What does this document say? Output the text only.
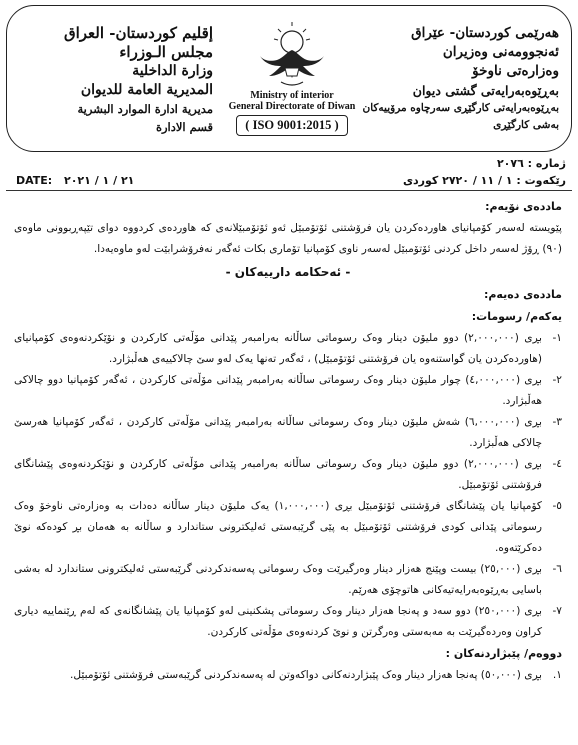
إقليم كوردستان- العراق
مجلس الـوزراء
وزارة الداخلية
المديرية العامة للديوان
مديرية ادارة الموارد البشرية
قسم الادارة
Ministry of interior
General Directorate of Diwan
( ISO 9001:2015 )
هەرێمی کوردستان- عێراق
ئەنجوومەنی وەزیران
وەزارەتی ناوخۆ
بەڕێوەبەرایەتی گشتی دیوان
بەڕێوەبەرایەتی کارگێڕی سەرچاوە مرۆییەکان
بەشی کارگێڕی
ژمارە : ٢٠٧٦
DATE: ٢١ / ١ / ٢٠٢١	رێکەوت : ١ / ١١ / ٢٧٢٠ کوردی
ماددەی نۆیەم:
پێویستە لەسەر کۆمپانیای هاوردەکردن یان فرۆشتنی ئۆتۆمبێل ئەو ئۆتۆمبێلانەی کە هاوردەی کردووە دوای تێپەڕبوونی ماوەی (٩٠) ڕۆژ لەسەر داخل کردنی ئۆتۆمبێل لەسەر ناوی کۆمپانیا تۆماری بکات ئەگەر نەفرۆشرابێت لەو ماوەیەدا.
- ئەحکامە دارییەکان -
ماددەی دەیەم:
یەکەم/ رسومات:
١-
بڕی (٢,٠٠٠,٠٠٠) دوو ملیۆن دینار وەک رسوماتی ساڵانە بەرامبەر پێدانی مۆڵەتی کارکردن و نۆێکردنەوەی کۆمپانیای (هاوردەکردن یان گواستنەوە یان فرۆشتنی ئۆتۆمبێل) ، ئەگەر تەنها یەک لەو سێ چالاکییەی هەڵبژارد.
٢-
بڕی (٤,٠٠٠,٠٠٠) چوار ملیۆن دینار وەک رسوماتی ساڵانە بەرامبەر پێدانی مۆڵەتی کارکردن ، ئەگەر کۆمپانیا دوو چالاکی هەڵبژارد.
٣-
بڕی (٦,٠٠٠,٠٠٠) شەش ملیۆن دینار وەک رسوماتی ساڵانە بەرامبەر پێدانی مۆڵەتی کارکردن ، ئەگەر کۆمپانیا هەرسێ چالاکی هەڵبژارد.
٤-
بڕی (٢,٠٠٠,٠٠٠) دوو ملیۆن دینار وەک رسوماتی ساڵانە بەرامبەر پێدانی مۆڵەتی کارکردن و نۆێکردنەوەی پێشانگای فرۆشتنی ئۆتۆمبێل.
٥-
کۆمپانیا یان پێشانگای فرۆشتنی ئۆتۆمبێل بڕی (١,٠٠٠,٠٠٠) یەک ملیۆن دینار ساڵانە دەدات بە وەزارەتی ناوخۆ وەک رسوماتی پێدانی کودی فرۆشتنی ئۆتۆمبێل بە پێی گرێبەستی ئەلیکترونی ستاندارد و ساڵانە بە هەمان بڕ کودەکە نوێ دەکرێتەوە.
٦-
بڕی (٢٥,٠٠٠) بیست وپێنج هەزار دینار وەرگیرێت وەک رسوماتی پەسەندکردنی گرێبەستی ئەلیکترونی ستاندارد لە بەشی باسایی بەڕێوەبەرایەتیەکانی هاتوچۆی هەرێم.
٧-
بڕی (٢٥٠,٠٠٠) دوو سەد و پەنجا هەزار دینار وەک رسوماتی پشکنینی لەو کۆمپانیا یان پێشانگانەی کە لەم ڕێنماییە دیاری کراون وەردەگیرێت بە مەبەستی وەرگرتن و نوێ کردنەوەی مۆڵەتی کارکردن.
دووەم/ پێبژاردنەکان :
١.
بڕی (٥٠,٠٠٠) پەنجا هەزار دینار وەک پێبژاردنەکانی دواکەوتن لە پەسەندکردنی گرێبەستی فرۆشتنی ئۆتۆمبێل.
